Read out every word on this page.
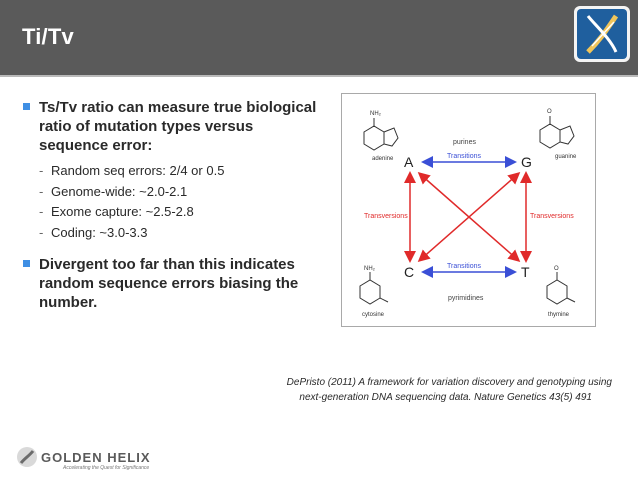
Ti/Tv
Ts/Tv ratio can measure true biological ratio of mutation types versus sequence error:
- Random seq errors: 2/4 or 0.5
- Genome-wide: ~2.0-2.1
- Exome capture: ~2.5-2.8
- Coding: ~3.0-3.3
Divergent too far than this indicates random sequence errors biasing the number.
NH₂	O
NH₂	O
adenine	guanine
cytosine	thymine
purines
pyrimidines
A	G
C	T
Transitions
Transitions
Transversions	Transversions
DePristo (2011) A framework for variation discovery and genotyping using
next-generation DNA sequencing data. Nature Genetics 43(5) 491
GOLDEN HELIX
Accelerating the Quest for Significance
